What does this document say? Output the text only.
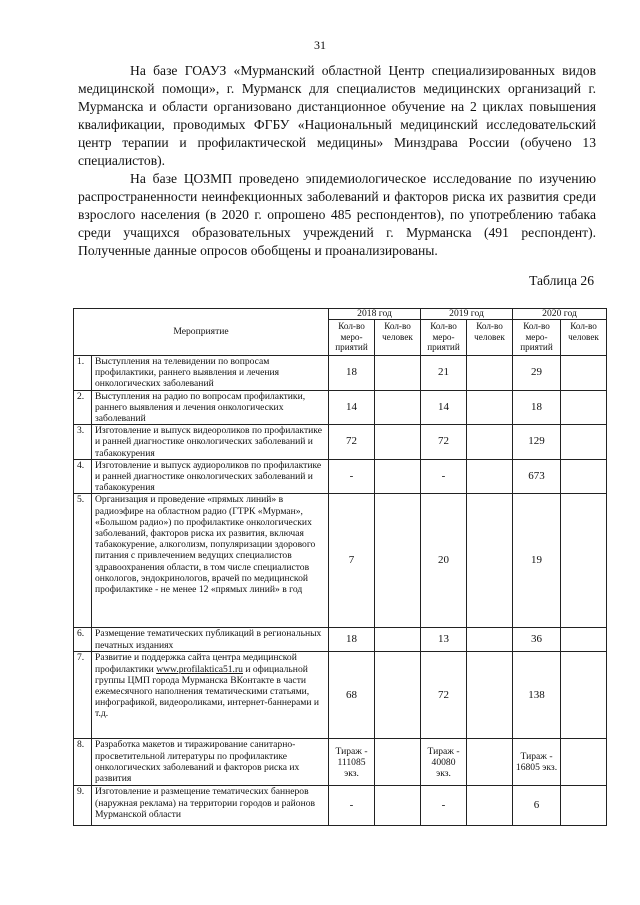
31

На базе ГОАУЗ «Мурманский областной Центр специализированных видов медицинской помощи», г. Мурманск для специалистов медицинских организаций г. Мурманска и области организовано дистанционное обучение на 2 циклах повышения квалификации, проводимых ФГБУ «Национальный медицинский исследовательский центр терапии и профилактической медицины» Минздрава России (обучено 13 специалистов).

На базе ЦОЗМП проведено эпидемиологическое исследование по изучению распространенности неинфекционных заболеваний и факторов риска их развития среди взрослого населения (в 2020 г. опрошено 485 респондентов), по употреблению табака среди учащихся образовательных учреждений г. Мурманска (491 респондент). Полученные данные опросов обобщены и проанализированы.

Таблица 26
Мероприятие		2018 год		2019 год		2020 год	
		Кол-во меро-приятий	Кол-во человек	Кол-во меро-приятий	Кол-во человек	Кол-во меро-приятий	Кол-во человек
1.	Выступления на телевидении по вопросам профилактики, раннего выявления и лечения онкологических заболеваний	18		21		29	
2.	Выступления на радио по вопросам профилактики, раннего выявления и лечения онкологических заболеваний	14		14		18	
3.	Изготовление и выпуск видеороликов по профилактике и ранней диагностике онкологических заболеваний и табакокурения	72		72		129	
4.	Изготовление и выпуск аудиороликов по профилактике и ранней диагностике онкологических заболеваний и табакокурения	-		-		673	
5.	Организация и проведение «прямых линий» в радиоэфире на областном радио (ГТРК «Мурман», «Большом радио») по профилактике онкологических заболеваний, факторов риска их развития, включая табакокурение, алкоголизм, популяризации здорового питания с привлечением ведущих специалистов здравоохранения области, в том числе специалистов онкологов, эндокринологов, врачей по медицинской профилактике - не менее 12 «прямых линий» в год	7		20		19	
6.	Размещение тематических публикаций в региональных печатных изданиях	18		13		36	
7.	Развитие и поддержка сайта центра медицинской профилактики www.profilaktica51.ru и официальной группы ЦМП города Мурманска ВКонтакте в части ежемесячного наполнения тематическими статьями, инфографикой, видеороликами, интернет-баннерами и т.д.	68		72		138	
8.	Разработка макетов и тиражирование санитарно-просветительной литературы по профилактике онкологических заболеваний и факторов риска их развития	Тираж - 111085 экз.		Тираж - 40080 экз.		Тираж - 16805 экз.	
9.	Изготовление и размещение тематических баннеров (наружная реклама) на территории городов и районов Мурманской области	-		-		6	
